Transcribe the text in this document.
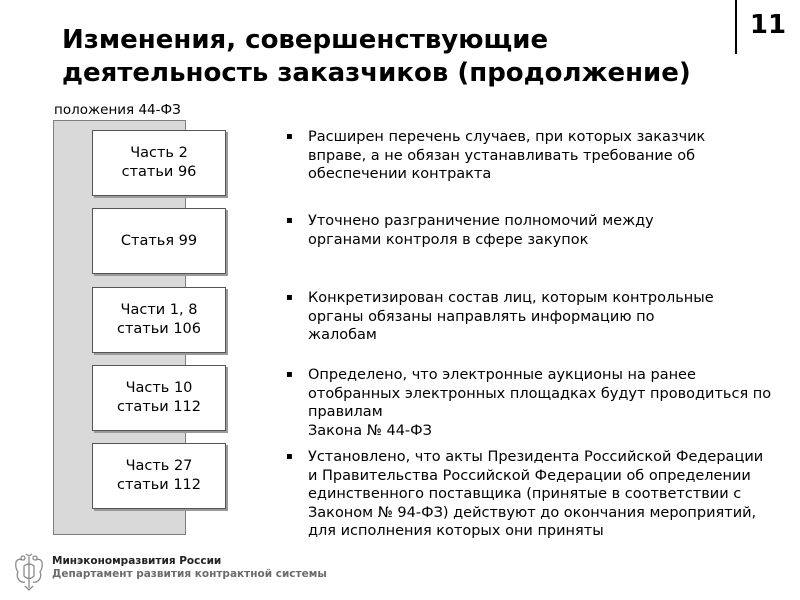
Изменения, совершенствующие
деятельность заказчиков (продолжение)
11
положения 44-ФЗ
Часть 2
статьи 96
Статья 99
Части 1, 8
статьи 106
Часть 10
статьи 112
Часть 27
статьи 112
▪ Расширен перечень случаев, при которых заказчик
вправе, а не обязан устанавливать требование об
обеспечении контракта
▪ Уточнено разграничение полномочий между
органами контроля в сфере закупок
▪ Конкретизирован состав лиц, которым контрольные
органы обязаны направлять информацию по
жалобам
▪ Определено, что электронные аукционы на ранее
отобранных электронных площадках будут проводиться по
правилам
Закона № 44-ФЗ
▪ Установлено, что акты Президента Российской Федерации
и Правительства Российской Федерации об определении
единственного поставщика (принятые в соответствии с
Законом № 94-ФЗ) действуют до окончания мероприятий,
для исполнения которых они приняты
Минэкономразвития России
Департамент развития контрактной системы
